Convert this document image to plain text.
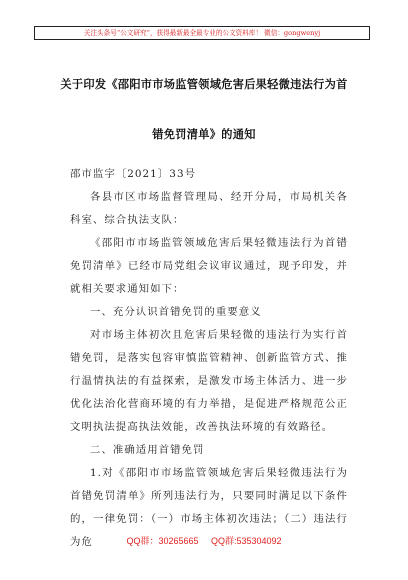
关注头条号“公文研究”，获得最新最全最专业的公文资料库！ 微信：gongwenyj
关于印发《邵阳市市场监管领域危害后果轻微违法行为首
错免罚清单》的通知
邵市监字〔2021〕33号
各县市区市场监督管理局、经开分局，市局机关各科室、综合执法支队：
《邵阳市市场监管领域危害后果轻微违法行为首错免罚清单》已经市局党组会议审议通过，现予印发，并就相关要求通知如下：
一、充分认识首错免罚的重要意义
对市场主体初次且危害后果轻微的违法行为实行首错免罚，是落实包容审慎监管精神、创新监管方式、推行温情执法的有益探索，是激发市场主体活力、进一步优化法治化营商环境的有力举措，是促进严格规范公正文明执法提高执法效能，改善执法环境的有效路径。
二、准确适用首错免罚
1.对《邵阳市市场监管领域危害后果轻微违法行为首错免罚清单》所列违法行为，只要同时满足以下条件的，一律免罚：（一）市场主体初次违法；（二）违法行为危	QQ群：30265665 QQ群:535304092
